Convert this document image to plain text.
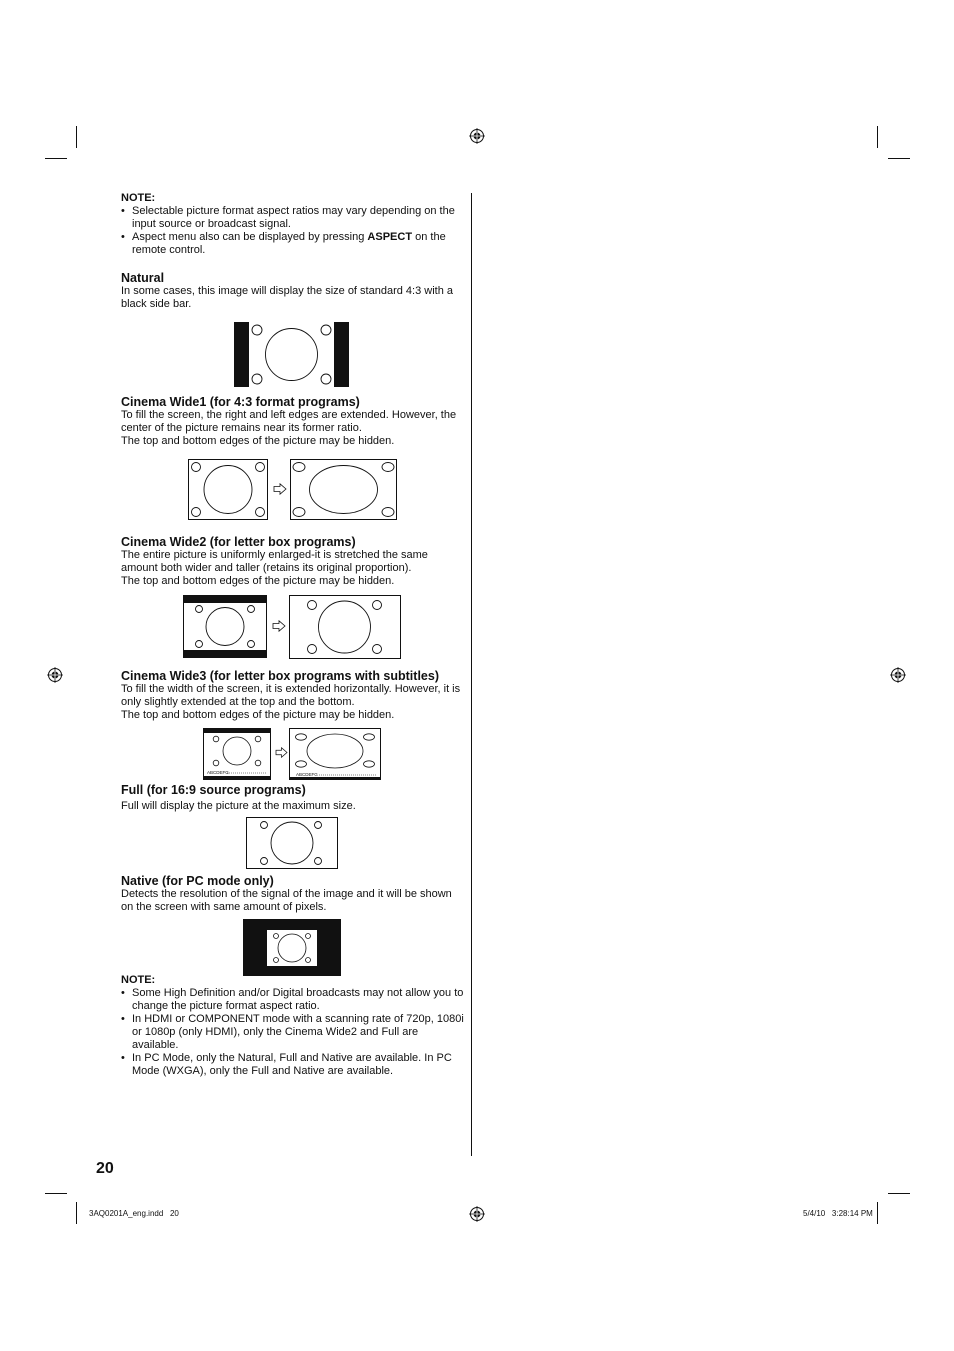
NOTE:
• Selectable picture format aspect ratios may vary depending on the input source or broadcast signal.
• Aspect menu also can be displayed by pressing ASPECT on the remote control.
Natural
In some cases, this image will display the size of standard 4:3 with a black side bar.
Cinema Wide1 (for 4:3 format programs)
To fill the screen, the right and left edges are extended. However, the center of the picture remains near its former ratio.
The top and bottom edges of the picture may be hidden.
Cinema Wide2 (for letter box programs)
The entire picture is uniformly enlarged-it is stretched the same amount both wider and taller (retains its original proportion).
The top and bottom edges of the picture may be hidden.
Cinema Wide3 (for letter box programs with subtitles)
To fill the width of the screen, it is extended horizontally. However, it is only slightly extended at the top and the bottom.
The top and bottom edges of the picture may be hidden.
ABCDEFG	ABCDEFG
Full (for 16:9 source programs)
Full will display the picture at the maximum size.
Native (for PC mode only)
Detects the resolution of the signal of the image and it will be shown on the screen with same amount of pixels.
NOTE:
• Some High Definition and/or Digital broadcasts may not allow you to change the picture format aspect ratio.
• In HDMI or COMPONENT mode with a scanning rate of 720p, 1080i or 1080p (only HDMI), only the Cinema Wide2 and Full are available.
• In PC Mode, only the Natural, Full and Native are available. In PC Mode (WXGA), only the Full and Native are available.
20
3AQ0201A_eng.indd   20	5/4/10   3:28:14 PM
